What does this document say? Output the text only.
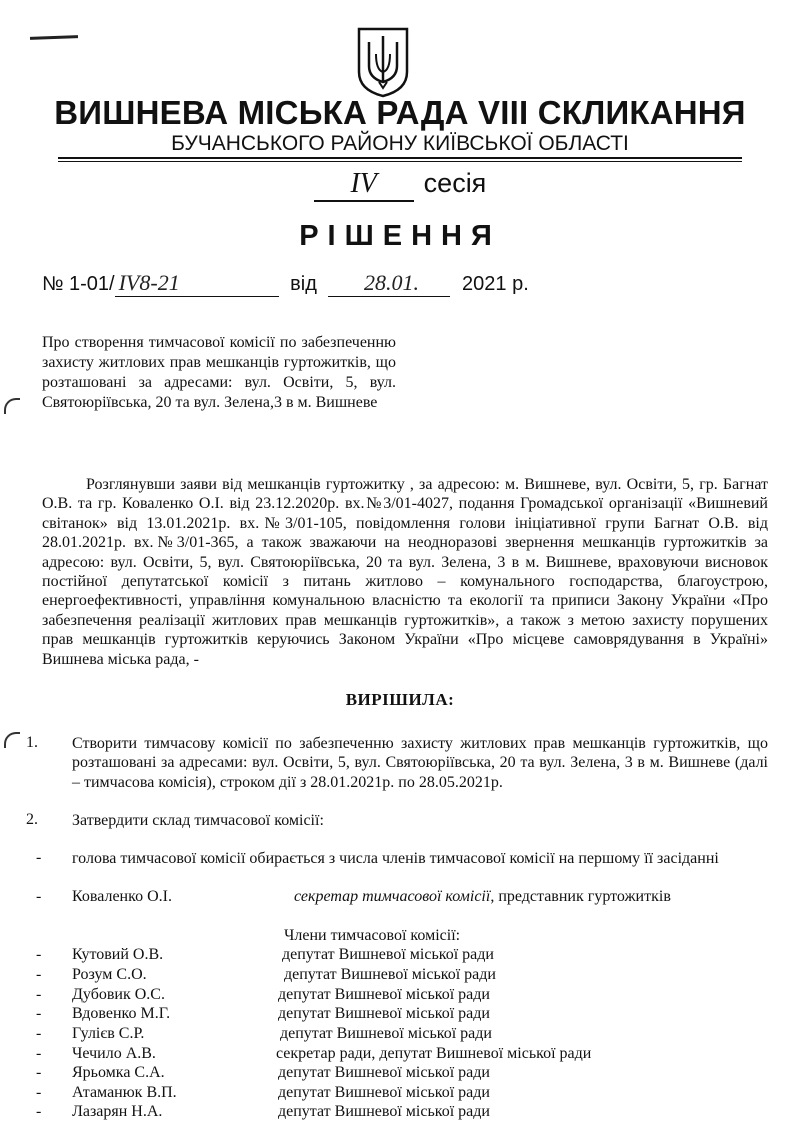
ВИШНЕВА МІСЬКА РАДА VIII СКЛИКАННЯ
БУЧАНСЬКОГО РАЙОНУ КИЇВСЬКОЇ ОБЛАСТІ
IV сесія
РІШЕННЯ
№ 1-01/ IV8-21	від 28.01. 2021 р.
Про створення тимчасової комісії по забезпеченню захисту житлових прав мешканців гуртожитків, що розташовані за адресами: вул. Освіти, 5, вул. Святоюріївська, 20 та вул. Зелена,3 в м. Вишневе
Розглянувши заяви від мешканців гуртожитку , за адресою: м. Вишневе, вул. Освіти, 5, гр. Багнат О.В. та гр. Коваленко О.І. від 23.12.2020р. вх.№3/01-4027, подання Громадської організації «Вишневий світанок» від 13.01.2021р. вх.№3/01-105, повідомлення голови ініціативної групи Багнат О.В. від 28.01.2021р. вх.№3/01-365, а також зважаючи на неодноразові звернення мешканців гуртожитків за адресою: вул. Освіти, 5, вул. Святоюріївська, 20 та вул. Зелена, 3 в м. Вишневе, враховуючи висновок постійної депутатської комісії з питань житлово – комунального господарства, благоустрою, енергоефективності, управління комунальною власністю та екології та приписи Закону України «Про забезпечення реалізації житлових прав мешканців гуртожитків», а також з метою захисту порушених прав мешканців гуртожитків керуючись Законом України «Про місцеве самоврядування в Україні» Вишнева міська рада, -
ВИРІШИЛА:
1. Створити тимчасову комісії по забезпеченню захисту житлових прав мешканців гуртожитків, що розташовані за адресами: вул. Освіти, 5, вул. Святоюріївська, 20 та вул. Зелена, 3 в м. Вишневе (далі – тимчасова комісія), строком дії з 28.01.2021р. по 28.05.2021р.
2. Затвердити склад тимчасової комісії:
- голова тимчасової комісії обирається з числа членів тимчасової комісії на першому її засіданні
- Коваленко О.І.	секретар тимчасової комісії, представник гуртожитків
Члени тимчасової комісії:
- Кутовий О.В.	депутат Вишневої міської ради
- Розум С.О.	депутат Вишневої міської ради
- Дубовик О.С.	депутат Вишневої міської ради
- Вдовенко М.Г.	депутат Вишневої міської ради
- Гулієв С.Р.	депутат Вишневої міської ради
- Чечило А.В.	секретар ради, депутат Вишневої міської ради
- Ярьомка С.А.	депутат Вишневої міської ради
- Атаманюк В.П.	депутат Вишневої міської ради
- Лазарян Н.А.	депутат Вишневої міської ради
